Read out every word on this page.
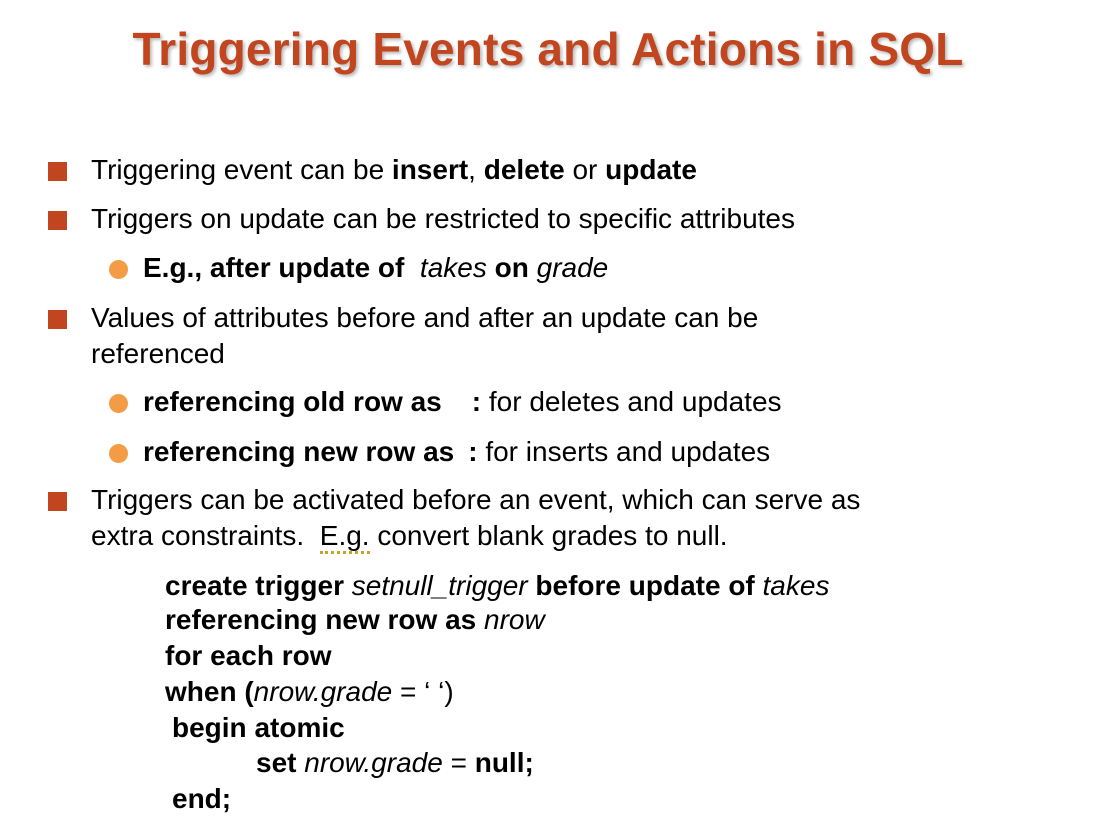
Triggering Events and Actions in SQL
Triggering event can be insert, delete or update
Triggers on update can be restricted to specific attributes
E.g., after update of takes on grade
Values of attributes before and after an update can be
referenced
referencing old row as : for deletes and updates
referencing new row as : for inserts and updates
Triggers can be activated before an event, which can serve as
extra constraints.  E.g. convert blank grades to null.
create trigger setnull_trigger before update of takes
referencing new row as nrow
for each row
when (nrow.grade = ‘ ‘)
begin atomic
set nrow.grade = null;
end;
